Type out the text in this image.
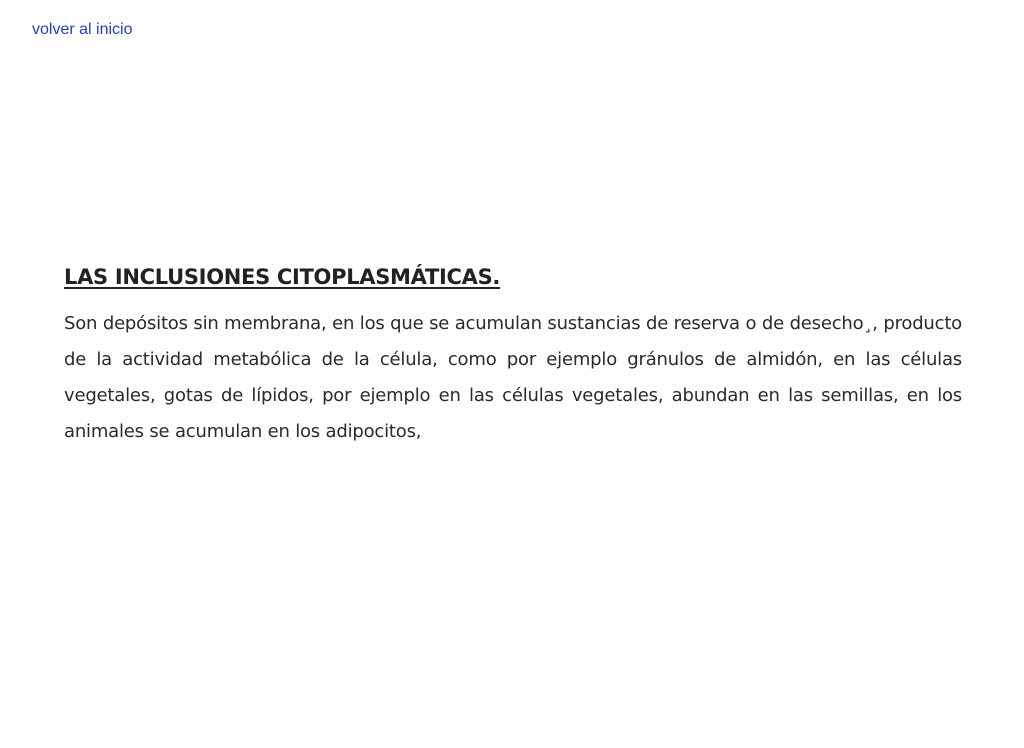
volver al inicio
LAS INCLUSIONES CITOPLASMÁTICAS.

Son depósitos sin membrana, en los que se acumulan sustancias de reserva o de desecho¸, producto de la actividad metabólica de la célula, como por ejemplo gránulos de almidón, en las células vegetales, gotas de lípidos, por ejemplo en las células vegetales, abundan en las semillas, en los animales se acumulan en los adipocitos,
